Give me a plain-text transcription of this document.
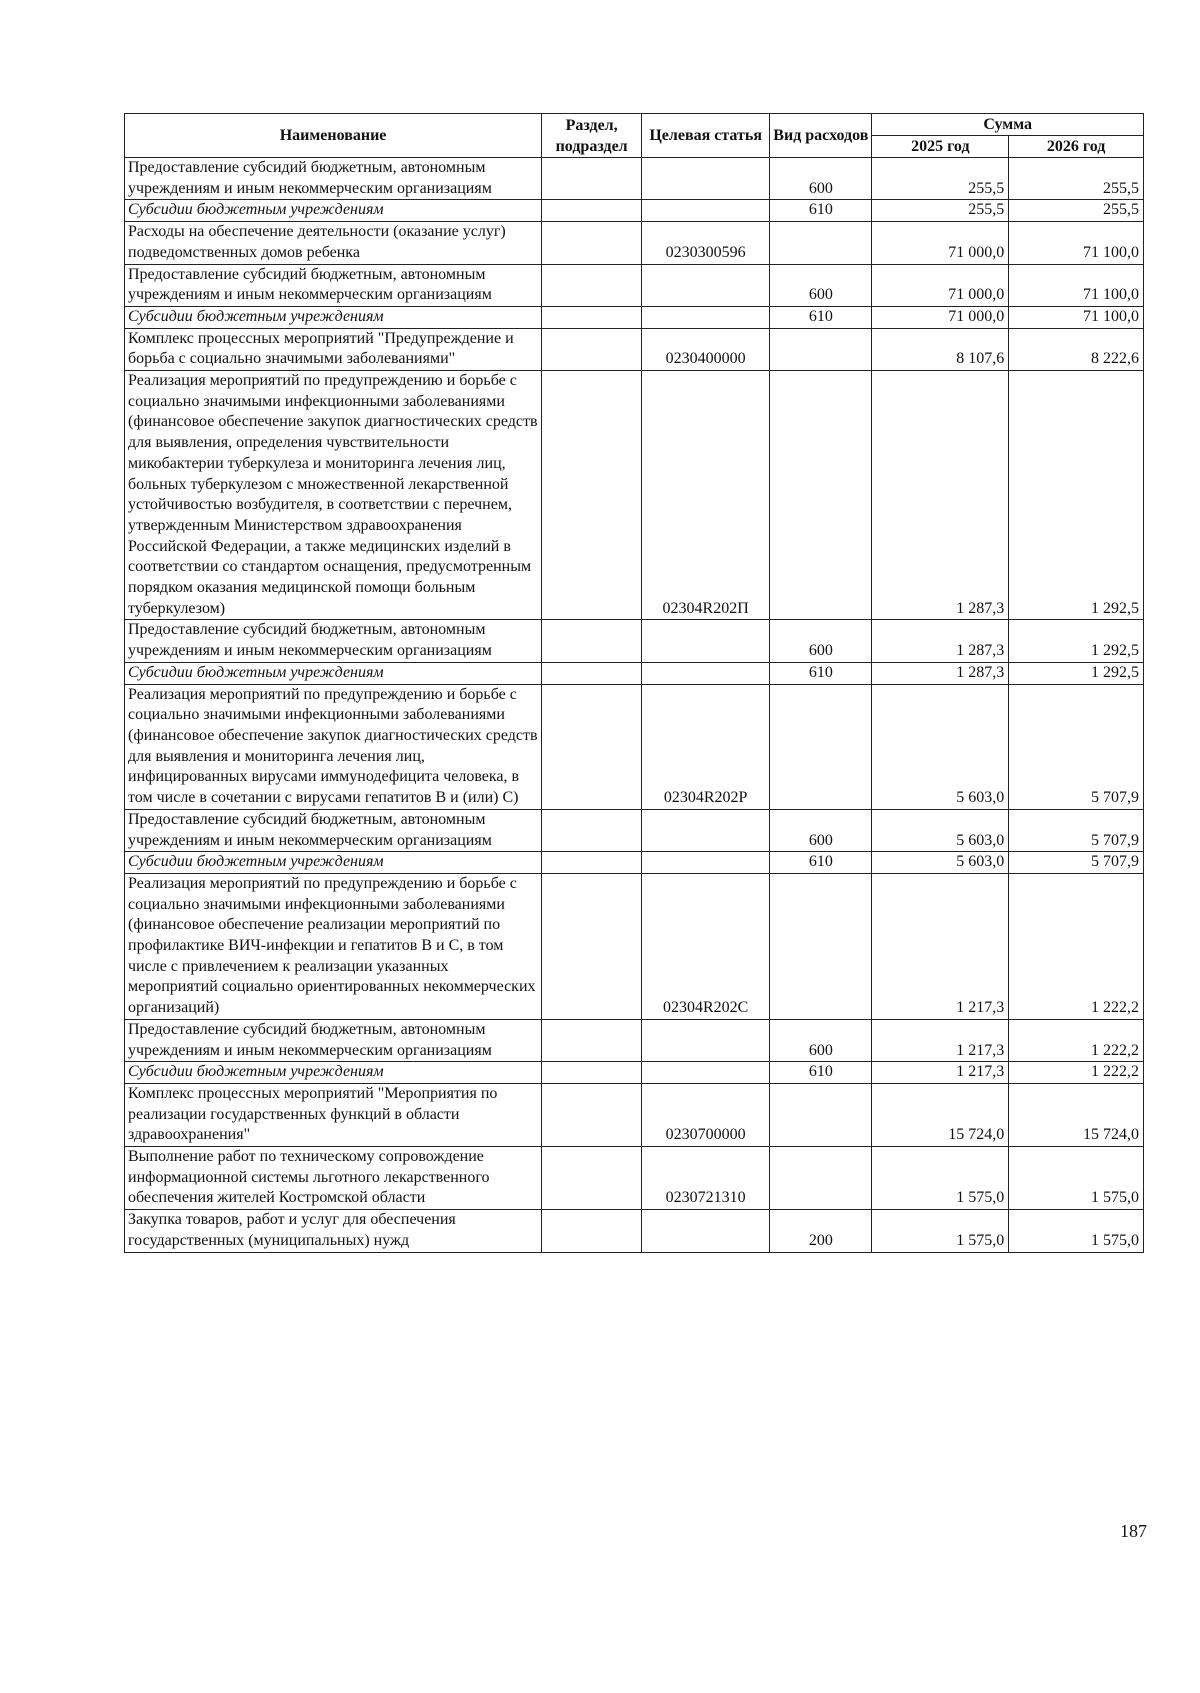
Наименование	Раздел, подраздел	Целевая статья	Вид расходов	Сумма	
				2025 год	2026 год
Предоставление субсидий бюджетным, автономным учреждениям и иным некоммерческим организациям			600	255,5	255,5
Субсидии бюджетным учреждениям			610	255,5	255,5
Расходы на обеспечение деятельности (оказание услуг) подведомственных домов ребенка		0230300596		71 000,0	71 100,0
Предоставление субсидий бюджетным, автономным учреждениям и иным некоммерческим организациям			600	71 000,0	71 100,0
Субсидии бюджетным учреждениям			610	71 000,0	71 100,0
Комплекс процессных мероприятий "Предупреждение и борьба с социально значимыми заболеваниями"		0230400000		8 107,6	8 222,6
Реализация мероприятий по предупреждению и борьбе с социально значимыми инфекционными заболеваниями (финансовое обеспечение закупок диагностических средств для выявления, определения чувствительности микобактерии туберкулеза и мониторинга лечения лиц, больных туберкулезом с множественной лекарственной устойчивостью возбудителя, в соответствии с перечнем, утвержденным Министерством здравоохранения Российской Федерации, а также медицинских изделий в соответствии со стандартом оснащения, предусмотренным порядком оказания медицинской помощи больным туберкулезом)		02304R202П		1 287,3	1 292,5
Предоставление субсидий бюджетным, автономным учреждениям и иным некоммерческим организациям			600	1 287,3	1 292,5
Субсидии бюджетным учреждениям			610	1 287,3	1 292,5
Реализация мероприятий по предупреждению и борьбе с социально значимыми инфекционными заболеваниями (финансовое обеспечение закупок диагностических средств для выявления и мониторинга лечения лиц, инфицированных вирусами иммунодефицита человека, в том числе в сочетании с вирусами гепатитов B и (или) C)		02304R202P		5 603,0	5 707,9
Предоставление субсидий бюджетным, автономным учреждениям и иным некоммерческим организациям			600	5 603,0	5 707,9
Субсидии бюджетным учреждениям			610	5 603,0	5 707,9
Реализация мероприятий по предупреждению и борьбе с социально значимыми инфекционными заболеваниями (финансовое обеспечение реализации мероприятий по профилактике ВИЧ-инфекции и гепатитов B и C, в том числе с привлечением к реализации указанных мероприятий социально ориентированных некоммерческих организаций)		02304R202C		1 217,3	1 222,2
Предоставление субсидий бюджетным, автономным учреждениям и иным некоммерческим организациям			600	1 217,3	1 222,2
Субсидии бюджетным учреждениям			610	1 217,3	1 222,2
Комплекс процессных мероприятий "Мероприятия по реализации государственных функций в области здравоохранения"		0230700000		15 724,0	15 724,0
Выполнение работ по техническому сопровождение информационной системы льготного лекарственного обеспечения жителей Костромской области		0230721310		1 575,0	1 575,0
Закупка товаров, работ и услуг для обеспечения государственных (муниципальных) нужд			200	1 575,0	1 575,0
187
